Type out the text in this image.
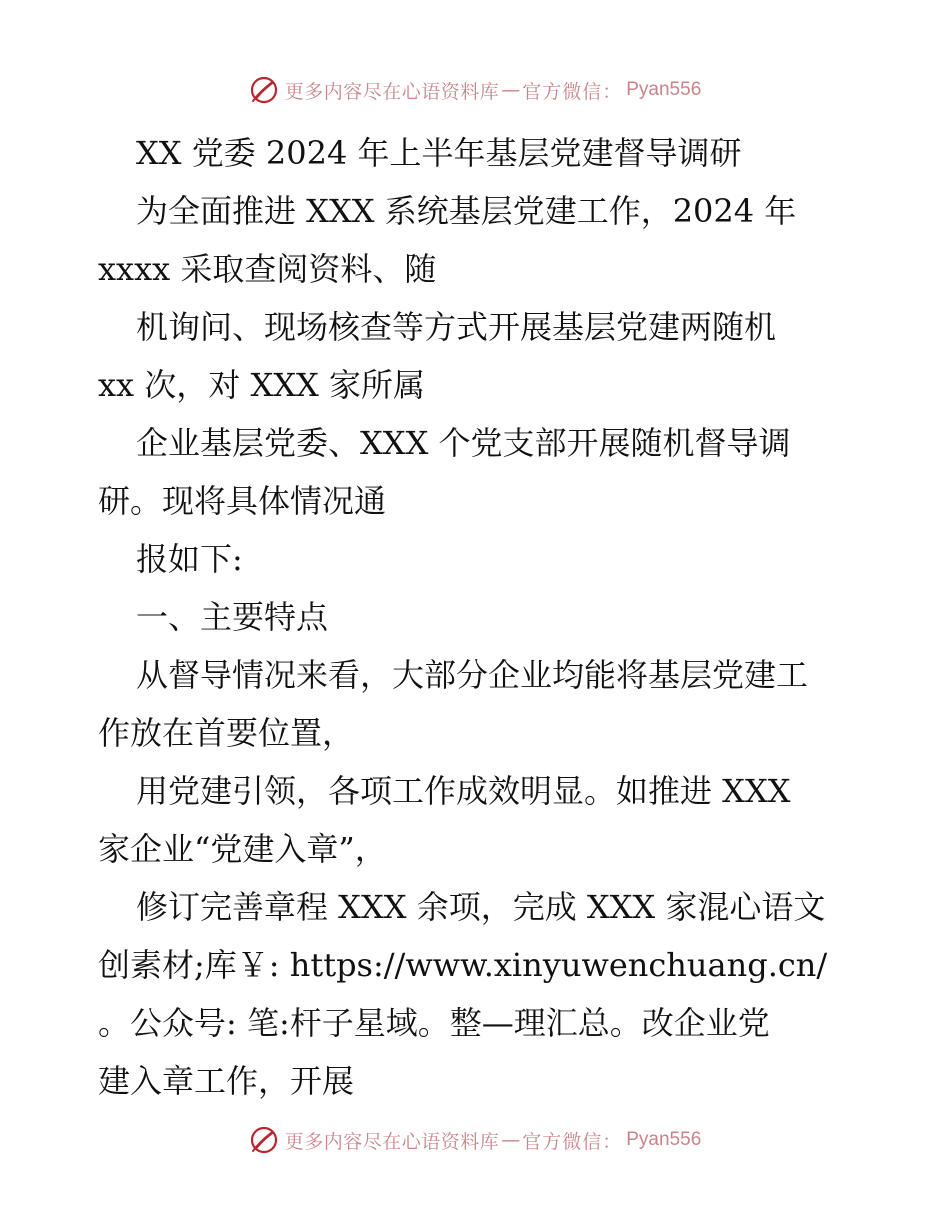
更多内容尽在心语资料库 — 官方微信： Pyan556
XX 党委 2024 年上半年基层党建督导调研
为全面推进 XXX 系统基层党建工作，2024 年
xxxx 采取查阅资料、随
机询问、现场核查等方式开展基层党建两随机
xx 次，对 XXX 家所属
企业基层党委、XXX 个党支部开展随机督导调
研。现将具体情况通
报如下:
一、主要特点
从督导情况来看，大部分企业均能将基层党建工
作放在首要位置，
用党建引领，各项工作成效明显。如推进 XXX
家企业“党建入章”，
修订完善章程 XXX 余项，完成 XXX 家混心语文
创素材;库￥: https://www.xinyuwenchuang.cn/
。公众号: 笔:杆子星域。整—理汇总。改企业党
建入章工作，开展
更多内容尽在心语资料库 — 官方微信： Pyan556
